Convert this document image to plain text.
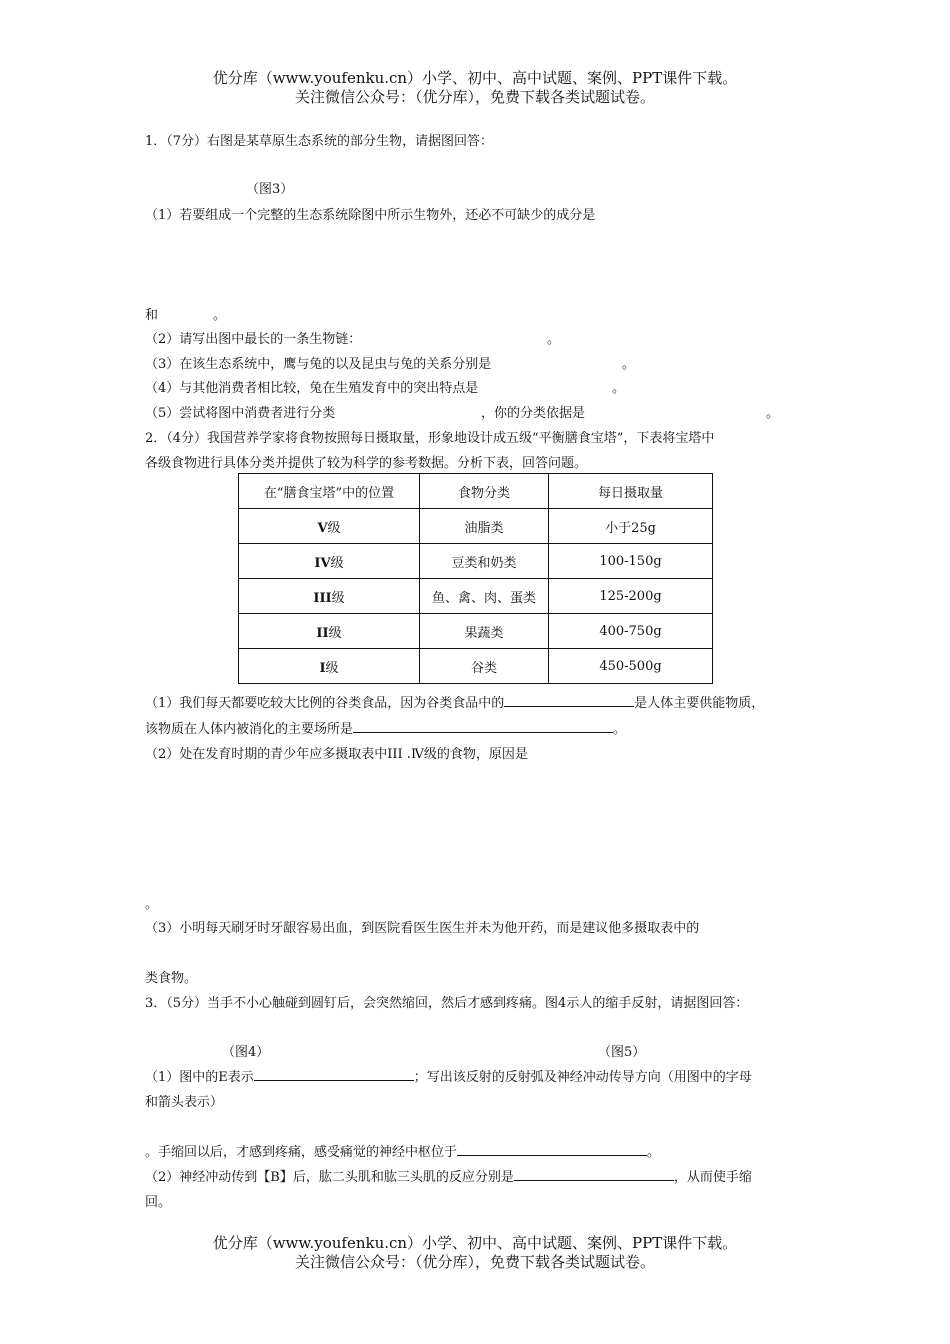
优分库（www.youfenku.cn）小学、初中、高中试题、案例、PPT课件下载。
关注微信公众号：（优分库），免费下载各类试题试卷。
1．（7分）右图是某草原生态系统的部分生物，请据图回答：
（图3）
（1）若要组成一个完整的生态系统除图中所示生物外，还必不可缺少的成分是
和	。
（2）请写出图中最长的一条生物链：	。
（3）在该生态系统中，鹰与兔的以及昆虫与兔的关系分别是	。
（4）与其他消费者相比较，兔在生殖发育中的突出特点是	。
（5）尝试将图中消费者进行分类	，你的分类依据是	。
2．（4分）我国营养学家将食物按照每日摄取量，形象地设计成五级“平衡膳食宝塔”，下表将宝塔中
各级食物进行具体分类并提供了较为科学的参考数据。分析下表，回答问题。
在“膳食宝塔”中的位置	食物分类	每日摄取量
V级	油脂类	小于25g
IV级	豆类和奶类	100-150g
III级	鱼、禽、肉、蛋类	125-200g
II级	果蔬类	400-750g
I级	谷类	450-500g
（1）我们每天都要吃较大比例的谷类食品，因为谷类食品中的	是人体主要供能物质，
该物质在人体内被消化的主要场所是	。
（2）处在发育时期的青少年应多摄取表中III .Ⅳ级的食物，原因是
。
（3）小明每天刷牙时牙龈容易出血，到医院看医生医生并未为他开药，而是建议他多摄取表中的
类食物。
3．（5分）当手不小心触碰到圆钉后，会突然缩回，然后才感到疼痛。图4示人的缩手反射，请据图回答：
（图4）	（图5）
（1）图中的E表示	；写出该反射的反射弧及神经冲动传导方向（用图中的字母
和箭头表示）
。手缩回以后，才感到疼痛，感受痛觉的神经中枢位于	。
（2）神经冲动传到【B】后，肱二头肌和肱三头肌的反应分别是	，从而使手缩
回。
优分库（www.youfenku.cn）小学、初中、高中试题、案例、PPT课件下载。
关注微信公众号：（优分库），免费下载各类试题试卷。
